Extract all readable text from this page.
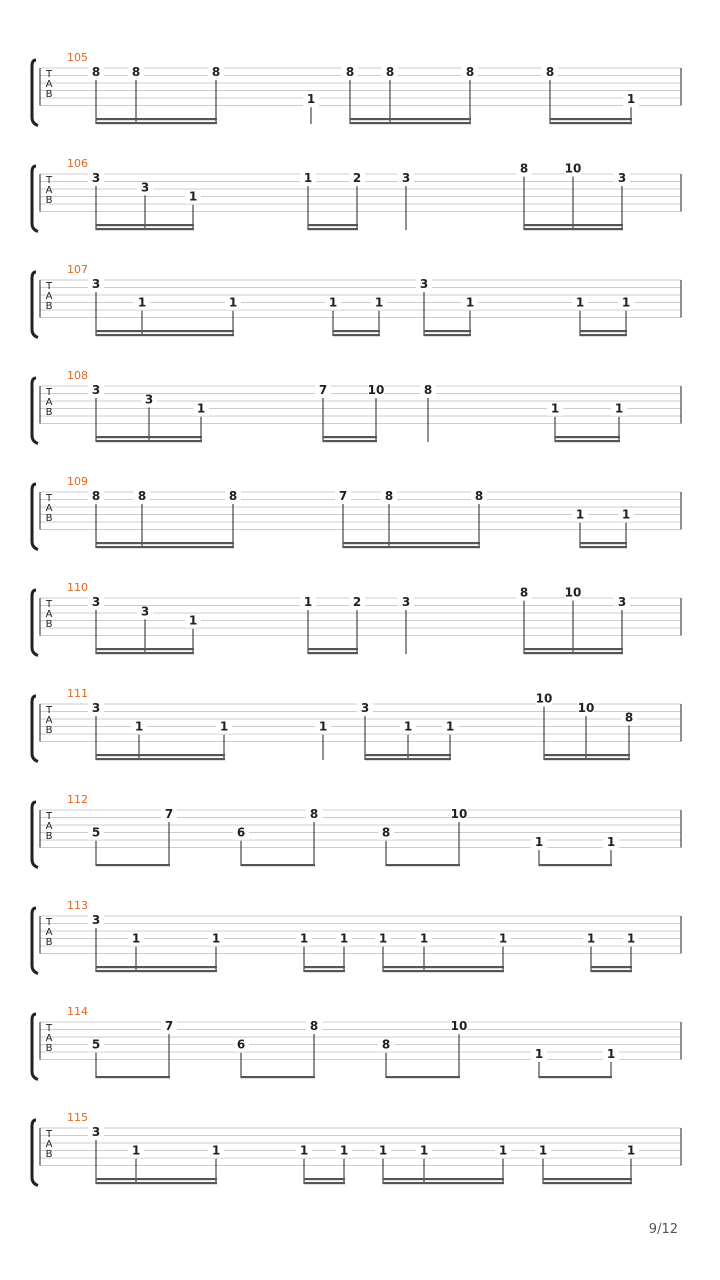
T
A
B
105
8	8	8	8	8	8	8
1	1
T
A
B
106
3
3
1
1	2	3
8	10
3
T
A
B
107
3
1	1	1	1
3
1	1	1
T
A
B
108
3
3
1
7	10	8
1	1
T
A
B
109
8	8	8	7	8	8
1	1
T
A
B
110
3
3
1
1	2	3
8	10
3
T
A
B
111
3
1	1	1
3
1	1
10
10
8
T
A
B
112
5
7
6
8
8
10
1	1
T
A
B
113
3
1	1	1	1	1	1	1	1	1
T
A
B
114
5
7
6
8
8
10
1	1
T
A
B
115
3
1	1	1	1	1	1	1	1	1
9/12
